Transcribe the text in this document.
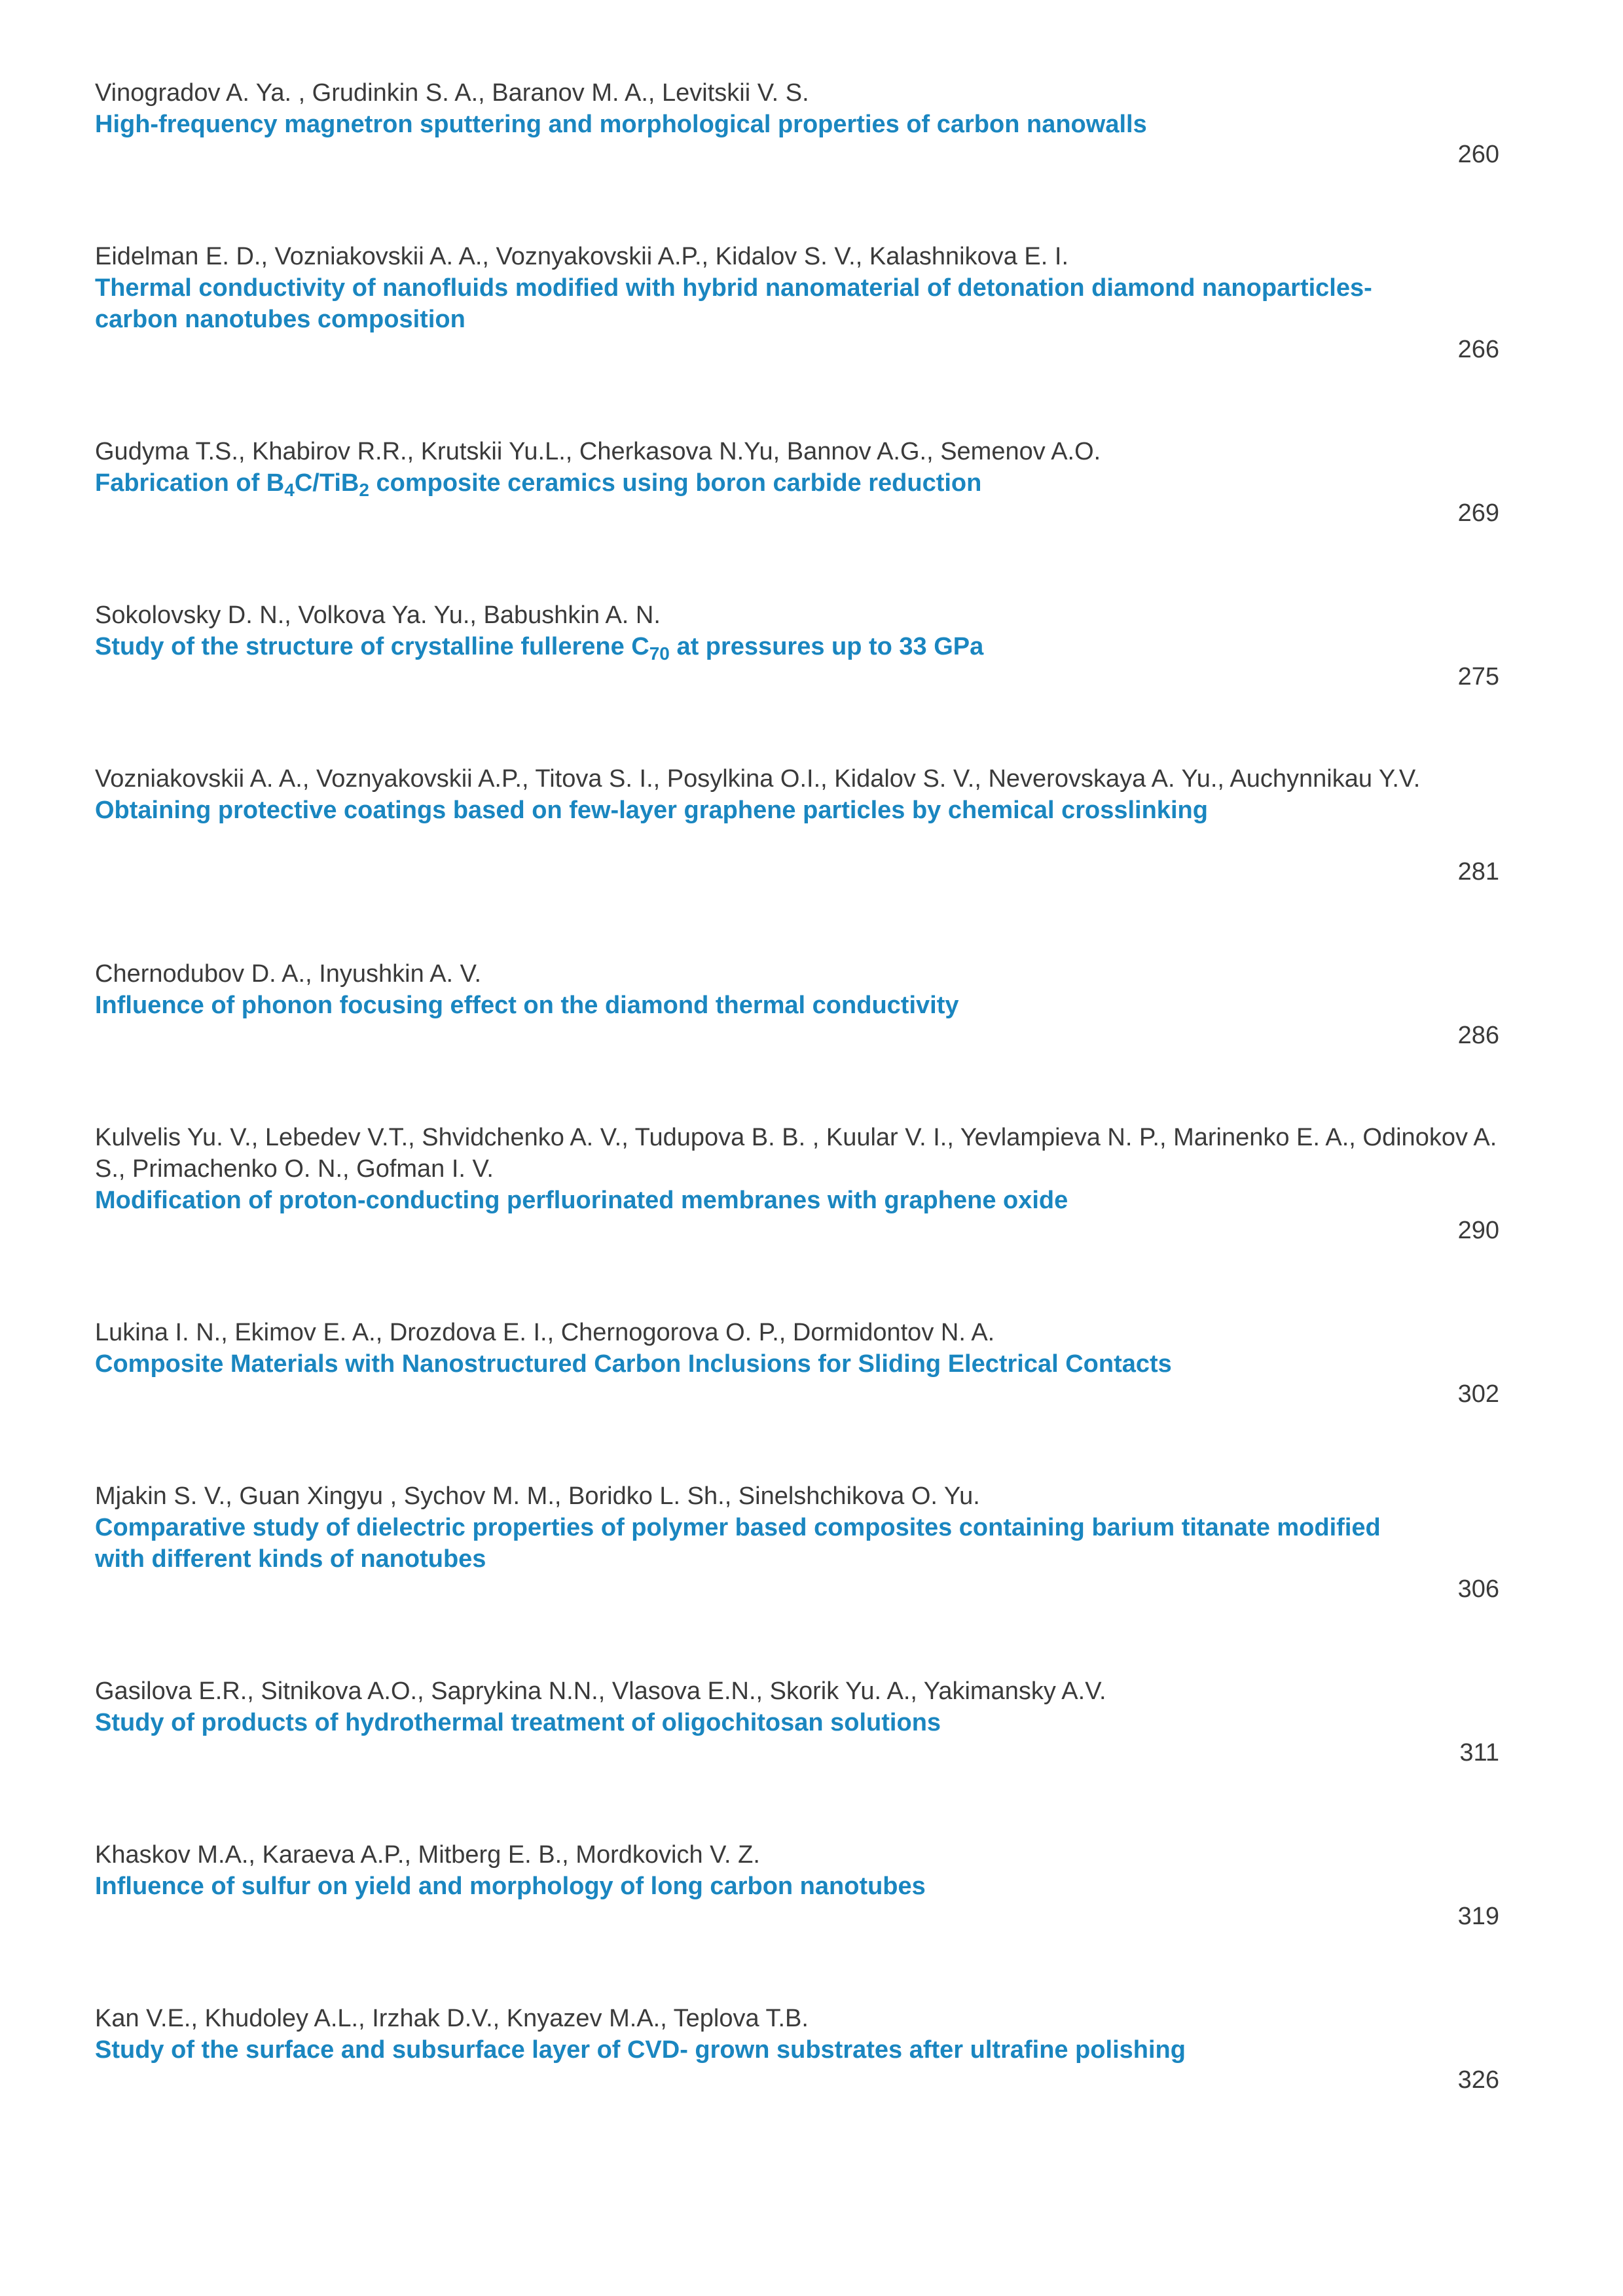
Vinogradov A. Ya. , Grudinkin S. A., Baranov M. A., Levitskii V. S.
High-frequency magnetron sputtering and morphological properties of carbon nanowalls
260
Eidelman E. D., Vozniakovskii A. A., Voznyakovskii A.P., Kidalov S. V., Kalashnikova E. I.
Thermal conductivity of nanofluids modified with hybrid nanomaterial of detonation diamond nanoparticles-carbon nanotubes composition
266
Gudyma T.S., Khabirov R.R., Krutskii Yu.L., Cherkasova N.Yu, Bannov A.G., Semenov A.O.
Fabrication of $B_4C/TiB_2$ composite ceramics using boron carbide reduction
269
Sokolovsky D. N., Volkova Ya. Yu., Babushkin A. N.
Study of the structure of crystalline fullerene $C_{70}$ at pressures up to 33 GPa
275
Vozniakovskii A. A., Voznyakovskii A.P., Titova S. I., Posylkina O.I., Kidalov S. V., Neverovskaya A. Yu., Auchynnikau Y.V.
Obtaining protective coatings based on few-layer graphene particles by chemical crosslinking
281
Chernodubov D. A., Inyushkin A. V.
Influence of phonon focusing effect on the diamond thermal conductivity
286
Kulvelis Yu. V., Lebedev V.T., Shvidchenko A. V., Tudupova B. B. , Kuular V. I., Yevlampieva N. P., Marinenko E. A., Odinokov A. S., Primachenko O. N., Gofman I. V.
Modification of proton-conducting perfluorinated membranes with graphene oxide
290
Lukina I. N., Ekimov E. A., Drozdova E. I., Chernogorova O. P., Dormidontov N. A.
Composite Materials with Nanostructured Carbon Inclusions for Sliding Electrical Contacts
302
Mjakin S. V., Guan Xingyu , Sychov M. M., Boridko L. Sh., Sinelshchikova O. Yu.
Comparative study of dielectric properties of polymer based composites containing barium titanate modified with different kinds of nanotubes
306
Gasilova E.R., Sitnikova A.O., Saprykina N.N., Vlasova E.N., Skorik Yu. A., Yakimansky A.V.
Study of products of hydrothermal treatment of oligochitosan solutions
311
Khaskov M.A., Karaeva A.P., Mitberg E. B., Mordkovich V. Z.
Influence of sulfur on yield and morphology of long carbon nanotubes
319
Kan V.E., Khudoley A.L., Irzhak D.V., Knyazev M.A., Teplova T.B.
Study of the surface and subsurface layer of CVD- grown substrates after ultrafine polishing
326
